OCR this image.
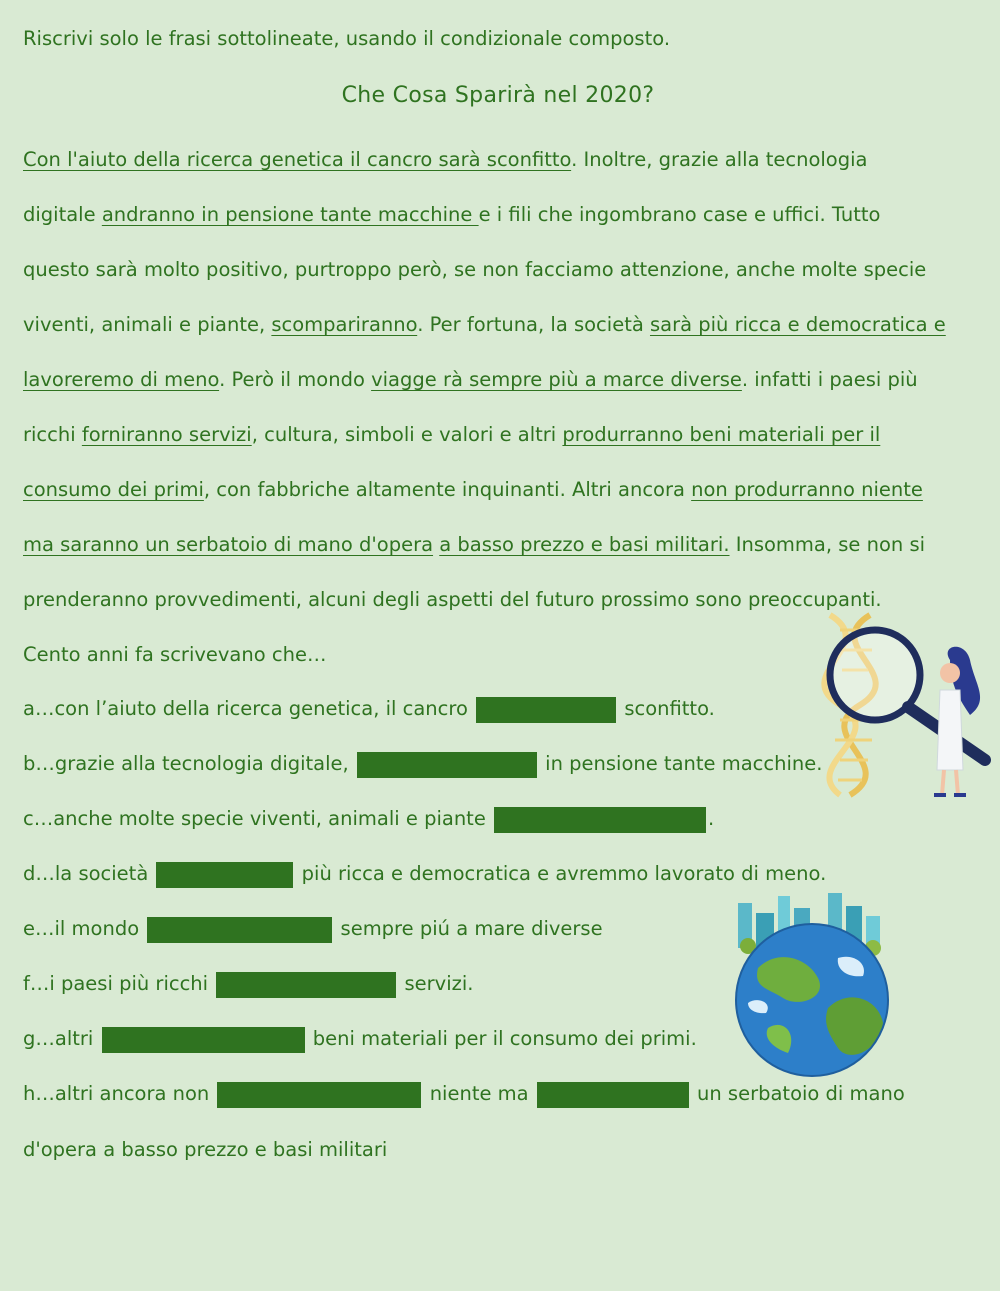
Riscrivi solo le frasi sottolineate, usando il condizionale composto.
Che Cosa Sparirà nel 2020?
Con l'aiuto della ricerca genetica il cancro sarà sconfitto. Inoltre, grazie alla tecnologia
digitale andranno in pensione tante macchine e i fili che ingombrano case e uffici. Tutto
questo sarà molto positivo, purtroppo però, se non facciamo attenzione, anche molte specie
viventi, animali e piante, scompariranno. Per fortuna, la società sarà più ricca e democratica e
lavoreremo di meno. Però il mondo viagge rà sempre più a marce diverse. infatti i paesi più
ricchi forniranno servizi, cultura, simboli e valori e altri produrranno beni materiali per il
consumo dei primi, con fabbriche altamente inquinanti. Altri ancora non produrranno niente
ma saranno un serbatoio di mano d'opera a basso prezzo e basi militari. Insomma, se non si
prenderanno provvedimenti, alcuni degli aspetti del futuro prossimo sono preoccupanti.
Cento anni fa scrivevano che…
a…con l’aiuto della ricerca genetica, il cancro	sconfitto.
b…grazie alla tecnologia digitale,	in pensione tante macchine.
c…anche molte specie viventi, animali e piante	.
d…la società	più ricca e democratica e avremmo lavorato di meno.
e…il mondo	sempre piú a mare diverse
f…i paesi più ricchi	servizi.
g…altri	beni materiali per il consumo dei primi.
h…altri ancora non	niente ma	un serbatoio di mano
d'opera a basso prezzo e basi militari
